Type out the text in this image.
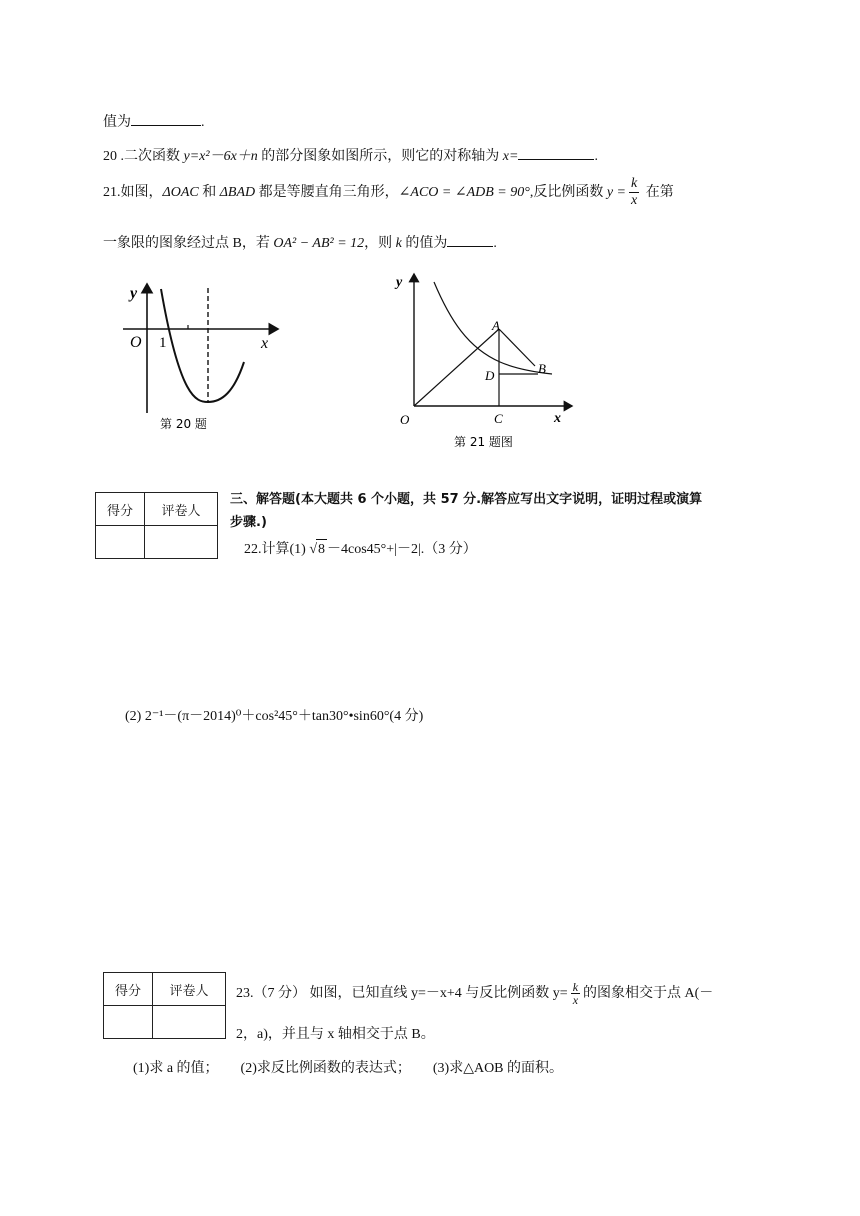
值为	.
20 .二次函数 y=x²－6x＋n 的部分图象如图所示，则它的对称轴为 x=	.
21.如图，ΔOAC 和 ΔBAD 都是等腰直角三角形，∠ACO = ∠ADB = 90°,反比例函数 $y = \frac{k}{x}$ 在第
一象限的图象经过点 B，若 OA² − AB² = 12，则 k 的值为	.
y
x
O 1
第 20 题
y
x
O
A
B
C
D
第 21 题图
得分	评卷人

三、解答题(本大题共 6 个小题，共 57 分.解答应写出文字说明，证明过程或演算
步骤.)
22.计算(1) √8 －4cos45°+|－2|.（3 分）
(2) 2⁻¹－(π－2014)⁰＋cos²45°＋tan30°•sin60°(4 分)
得分	评卷人
	23.（7 分） 如图，已知直线 y=－x+4 与反比例函数 $y= \frac{k}{x}$ 的图象相交于点 A(－
2，a)，并且与 x 轴相交于点 B。
(1)求 a 的值； (2)求反比例函数的表达式； (3)求△AOB 的面积。
